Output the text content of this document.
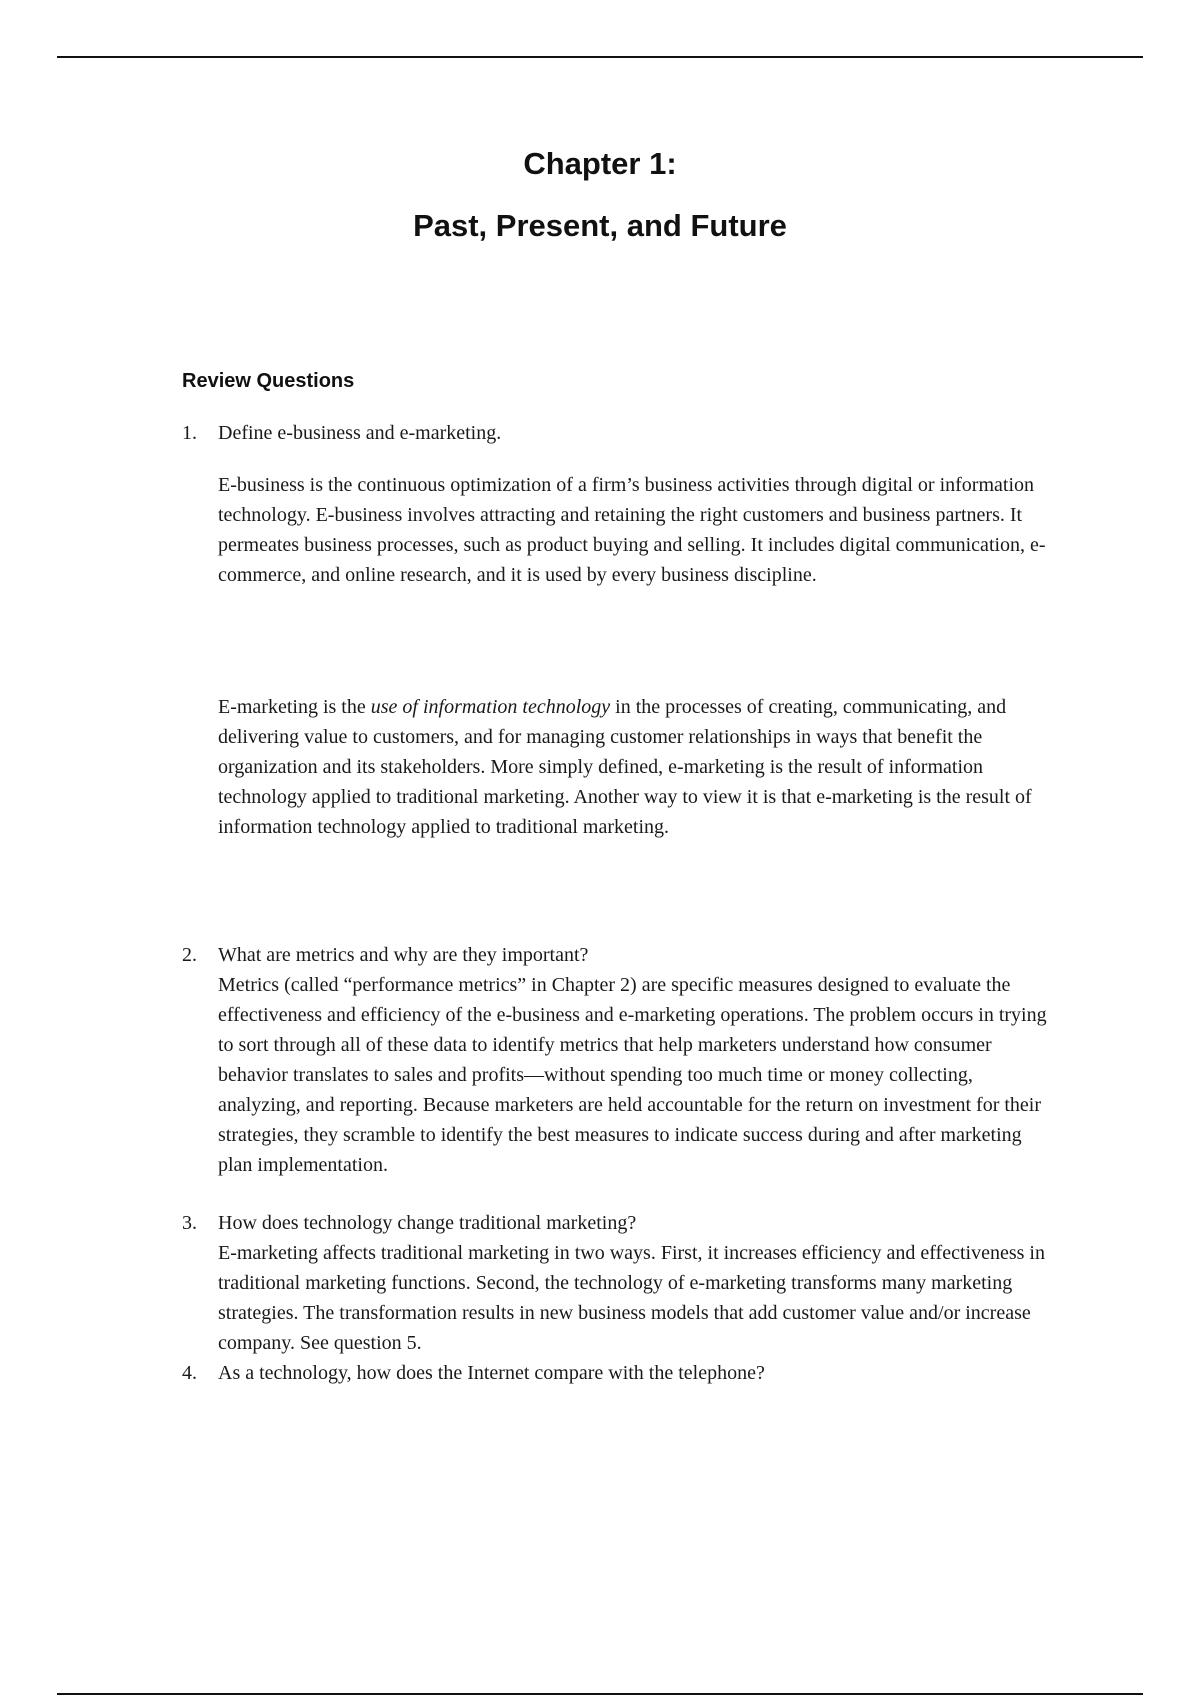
Chapter 1:
Past, Present, and Future
Review Questions
1.	Define e-business and e-marketing.

E-business is the continuous optimization of a firm’s business activities through digital or information technology. E-business involves attracting and retaining the right customers and business partners. It permeates business processes, such as product buying and selling. It includes digital communication, e-commerce, and online research, and it is used by every business discipline.

E-marketing is the use of information technology in the processes of creating, communicating, and delivering value to customers, and for managing customer relationships in ways that benefit the organization and its stakeholders. More simply defined, e-marketing is the result of information technology applied to traditional marketing. Another way to view it is that e-marketing is the result of information technology applied to traditional marketing.

2.	What are metrics and why are they important?

Metrics (called “performance metrics” in Chapter 2) are specific measures designed to evaluate the effectiveness and efficiency of the e-business and e-marketing operations. The problem occurs in trying to sort through all of these data to identify metrics that help marketers understand how consumer behavior translates to sales and profits—without spending too much time or money collecting, analyzing, and reporting. Because marketers are held accountable for the return on investment for their strategies, they scramble to identify the best measures to indicate success during and after marketing plan implementation.

3.	How does technology change traditional marketing?

E-marketing affects traditional marketing in two ways. First, it increases efficiency and effectiveness in traditional marketing functions. Second, the technology of e-marketing transforms many marketing strategies. The transformation results in new business models that add customer value and/or increase company. See question 5.

4.	As a technology, how does the Internet compare with the telephone?
